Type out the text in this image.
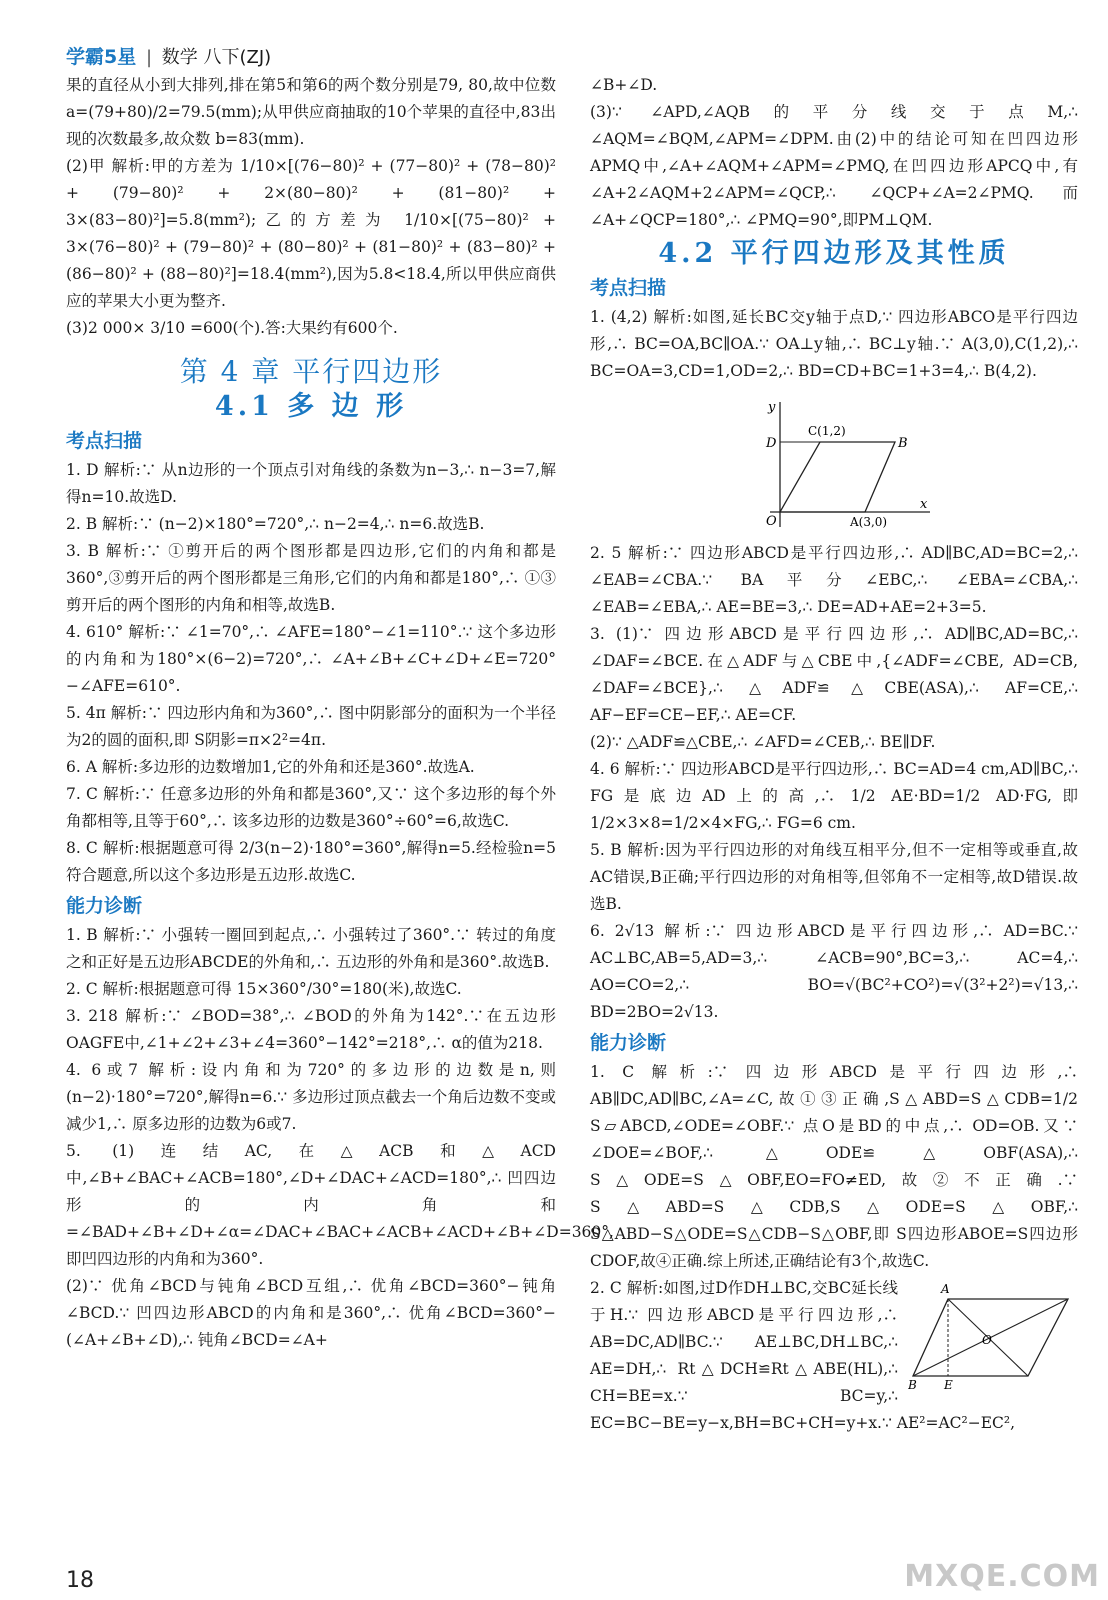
学霸5星 | 数学 八下(ZJ)

果的直径从小到大排列,排在第5和第6的两个数分别是79, 80,故中位数 a=(79+80)/2=79.5(mm);从甲供应商抽取的10个苹果的直径中,83出现的次数最多,故众数 b=83(mm).

(2)甲 解析:甲的方差为 1/10×[(76−80)² + (77−80)² + (78−80)² + (79−80)² + 2×(80−80)² + (81−80)² + 3×(83−80)²]=5.8(mm²);乙的方差为 1/10×[(75−80)² + 3×(76−80)² + (79−80)² + (80−80)² + (81−80)² + (83−80)² + (86−80)² + (88−80)²]=18.4(mm²),因为5.8<18.4,所以甲供应商供应的苹果大小更为整齐.

(3)2 000× 3/10 =600(个).答:大果约有600个.

第 4 章 平行四边形
4.1 多 边 形
考点扫描

1. D 解析:∵ 从n边形的一个顶点引对角线的条数为n−3,∴ n−3=7,解得n=10.故选D.

2. B 解析:∵ (n−2)×180°=720°,∴ n−2=4,∴ n=6.故选B.

3. B 解析:∵ ①剪开后的两个图形都是四边形,它们的内角和都是360°,③剪开后的两个图形都是三角形,它们的内角和都是180°,∴ ①③剪开后的两个图形的内角和相等,故选B.

4. 610° 解析:∵ ∠1=70°,∴ ∠AFE=180°−∠1=110°.∵ 这个多边形的内角和为180°×(6−2)=720°,∴ ∠A+∠B+∠C+∠D+∠E=720°−∠AFE=610°.

5. 4π 解析:∵ 四边形内角和为360°,∴ 图中阴影部分的面积为一个半径为2的圆的面积,即 S阴影=π×2²=4π.

6. A 解析:多边形的边数增加1,它的外角和还是360°.故选A.

7. C 解析:∵ 任意多边形的外角和都是360°,又∵ 这个多边形的每个外角都相等,且等于60°,∴ 该多边形的边数是360°÷60°=6,故选C.

8. C 解析:根据题意可得 2/3(n−2)·180°=360°,解得n=5.经检验n=5符合题意,所以这个多边形是五边形.故选C.

能力诊断

1. B 解析:∵ 小强转一圈回到起点,∴ 小强转过了360°.∵ 转过的角度之和正好是五边形ABCDE的外角和,∴ 五边形的外角和是360°.故选B.

2. C 解析:根据题意可得 15×360°/30°=180(米),故选C.

3. 218 解析:∵ ∠BOD=38°,∴ ∠BOD的外角为142°.∵在五边形OAGFE中,∠1+∠2+∠3+∠4=360°−142°=218°,∴ α的值为218.

4. 6或7 解析:设内角和为720°的多边形的边数是n,则(n−2)·180°=720°,解得n=6.∵ 多边形过顶点截去一个角后边数不变或减少1,∴ 原多边形的边数为6或7.

5. (1)连结AC,在△ACB和△ACD中,∠B+∠BAC+∠ACB=180°,∠D+∠DAC+∠ACD=180°,∴ 凹四边形的内角和=∠BAD+∠B+∠D+∠α=∠DAC+∠BAC+∠ACB+∠ACD+∠B+∠D=360°,即凹四边形的内角和为360°.

(2)∵ 优角∠BCD与钝角∠BCD互组,∴ 优角∠BCD=360°−钝角∠BCD.∵ 凹四边形ABCD的内角和是360°,∴ 优角∠BCD=360°−(∠A+∠B+∠D),∴ 钝角∠BCD=∠A+

∠B+∠D.

(3)∵ ∠APD,∠AQB的平分线交于点M,∴ ∠AQM=∠BQM,∠APM=∠DPM.由(2)中的结论可知在凹四边形APMQ中,∠A+∠AQM+∠APM=∠PMQ,在凹四边形APCQ中,有∠A+2∠AQM+2∠APM=∠QCP,∴ ∠QCP+∠A=2∠PMQ.而∠A+∠QCP=180°,∴ ∠PMQ=90°,即PM⊥QM.

4.2 平行四边形及其性质
考点扫描

1. (4,2) 解析:如图,延长BC交y轴于点D,∵ 四边形ABCO是平行四边形,∴ BC=OA,BC∥OA.∵ OA⊥y轴,∴ BC⊥y轴.∵ A(3,0),C(1,2),∴ BC=OA=3,CD=1,OD=2,∴ BD=CD+BC=1+3=4,∴ B(4,2).

y
x
C(1,2)
D	B
O	A(3,0)

2. 5 解析:∵ 四边形ABCD是平行四边形,∴ AD∥BC,AD=BC=2,∴ ∠EAB=∠CBA.∵ BA平分∠EBC,∴ ∠EBA=∠CBA,∴ ∠EAB=∠EBA,∴ AE=BE=3,∴ DE=AD+AE=2+3=5.

3. (1)∵ 四边形ABCD是平行四边形,∴ AD∥BC,AD=BC,∴ ∠DAF=∠BCE.在△ADF与△CBE中,{∠ADF=∠CBE, AD=CB, ∠DAF=∠BCE},∴ △ADF≌△CBE(ASA),∴ AF=CE,∴ AF−EF=CE−EF,∴ AE=CF.

(2)∵ △ADF≌△CBE,∴ ∠AFD=∠CEB,∴ BE∥DF.

4. 6 解析:∵ 四边形ABCD是平行四边形,∴ BC=AD=4 cm,AD∥BC,∴ FG是底边AD上的高,∴ 1/2 AE·BD=1/2 AD·FG,即 1/2×3×8=1/2×4×FG,∴ FG=6 cm.

5. B 解析:因为平行四边形的对角线互相平分,但不一定相等或垂直,故AC错误,B正确;平行四边形的对角相等,但邻角不一定相等,故D错误.故选B.

6. 2√13 解析:∵ 四边形ABCD是平行四边形,∴ AD=BC.∵ AC⊥BC,AB=5,AD=3,∴ ∠ACB=90°,BC=3,∴ AC=4,∴ AO=CO=2,∴ BO=√(BC²+CO²)=√(3²+2²)=√13,∴ BD=2BO=2√13.

能力诊断

1. C 解析:∵ 四边形ABCD是平行四边形,∴ AB∥DC,AD∥BC,∠A=∠C,故①③正确,S△ABD=S△CDB=1/2 S▱ABCD,∠ODE=∠OBF.∵ 点O是BD的中点,∴ OD=OB.又∵ ∠DOE=∠BOF,∴ △ODE≌△OBF(ASA),∴ S△ODE=S△OBF,EO=FO≠ED,故②不正确.∵ S△ABD=S△CDB,S△ODE=S△OBF,∴ S△ABD−S△ODE=S△CDB−S△OBF,即 S四边形ABOE=S四边形CDOF,故④正确.综上所述,正确结论有3个,故选C.

A
O
B E

2. C 解析:如图,过D作DH⊥BC,交BC延长线于H.∵ 四边形ABCD是平行四边形,∴ AB=DC,AD∥BC.∵ AE⊥BC,DH⊥BC,∴ AE=DH,∴ Rt△DCH≌Rt△ABE(HL),∴ CH=BE=x.∵ BC=y,∴ EC=BC−BE=y−x,BH=BC+CH=y+x.∵ AE²=AC²−EC²,

18	MXQE.COM
